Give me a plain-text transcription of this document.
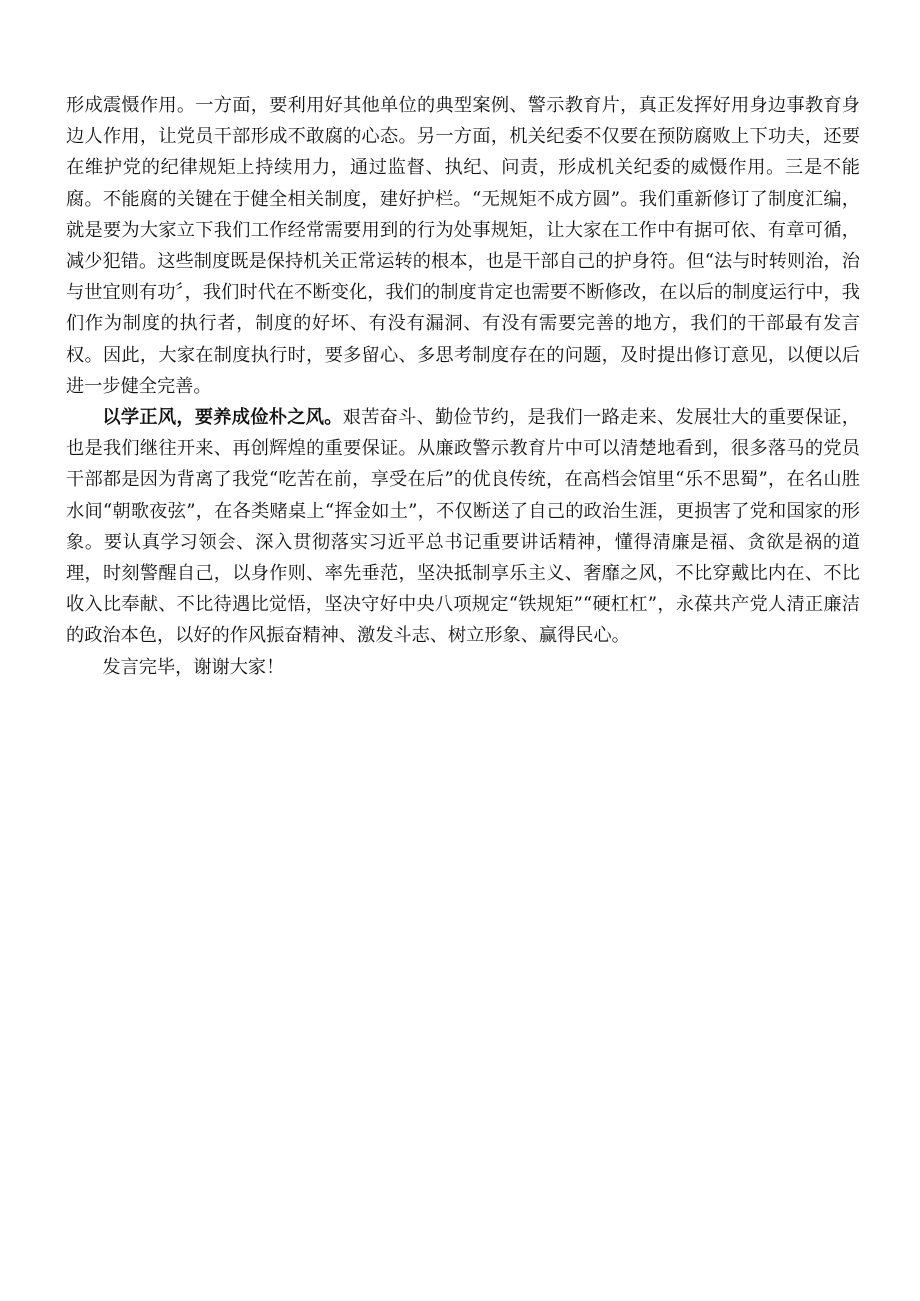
形成震慑作用。一方面，要利用好其他单位的典型案例、警示教育片，真正发挥好用身边事教育身边人作用，让党员干部形成不敢腐的心态。另一方面，机关纪委不仅要在预防腐败上下功夫，还要在维护党的纪律规矩上持续用力，通过监督、执纪、问责，形成机关纪委的威慑作用。三是不能腐。不能腐的关键在于健全相关制度，建好护栏。“无规矩不成方圆”。我们重新修订了制度汇编，就是要为大家立下我们工作经常需要用到的行为处事规矩，让大家在工作中有据可依、有章可循，减少犯错。这些制度既是保持机关正常运转的根本，也是干部自己的护身符。但“法与时转则治，治与世宜则有功〞，我们时代在不断变化，我们的制度肯定也需要不断修改，在以后的制度运行中，我们作为制度的执行者，制度的好坏、有没有漏洞、有没有需要完善的地方，我们的干部最有发言权。因此，大家在制度执行时，要多留心、多思考制度存在的问题，及时提出修订意见，以便以后进一步健全完善。

以学正风，要养成俭朴之风。艰苦奋斗、勤俭节约，是我们一路走来、发展壮大的重要保证，也是我们继往开来、再创辉煌的重要保证。从廉政警示教育片中可以清楚地看到，很多落马的党员干部都是因为背离了我党“吃苦在前，享受在后”的优良传统，在高档会馆里“乐不思蜀”，在名山胜水间“朝歌夜弦”，在各类赌桌上“挥金如土”，不仅断送了自己的政治生涯，更损害了党和国家的形象。要认真学习领会、深入贯彻落实习近平总书记重要讲话精神，懂得清廉是福、贪欲是祸的道理，时刻警醒自己，以身作则、率先垂范，坚决抵制享乐主义、奢靡之风，不比穿戴比内在、不比收入比奉献、不比待遇比觉悟，坚决守好中央八项规定“铁规矩”“硬杠杠”，永葆共产党人清正廉洁的政治本色，以好的作风振奋精神、激发斗志、树立形象、赢得民心。

发言完毕，谢谢大家！
